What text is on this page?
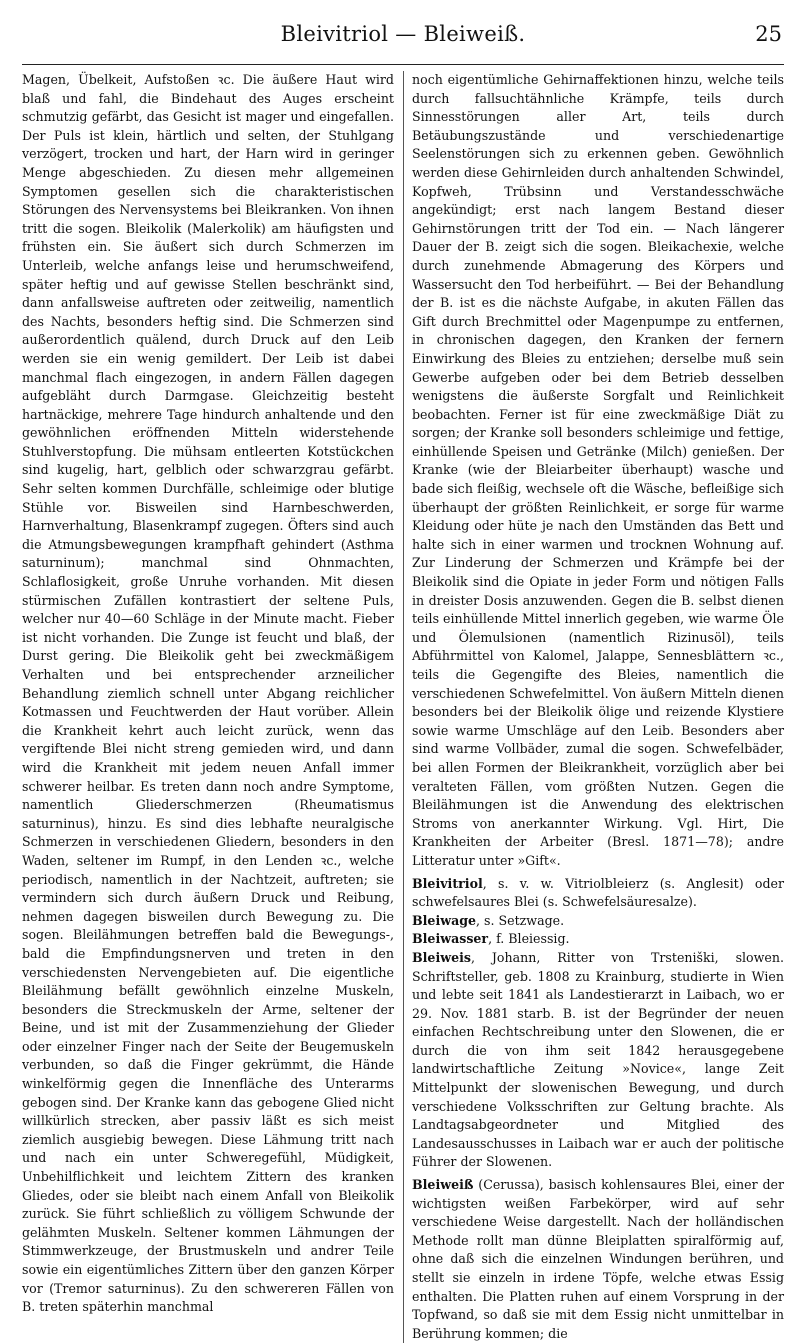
Bleivitriol — Bleiweiß.	25

Magen, Übelkeit, Aufstoßen ꝛc. Die äußere Haut wird blaß und fahl, die Bindehaut des Auges erscheint schmutzig gefärbt, das Gesicht ist mager und eingefallen. Der Puls ist klein, härtlich und selten, der Stuhlgang verzögert, trocken und hart, der Harn wird in geringer Menge abgeschieden. Zu diesen mehr allgemeinen Symptomen gesellen sich die charakteristischen Störungen des Nervensystems bei Bleikranken. Von ihnen tritt die sogen. Bleikolik (Malerkolik) am häufigsten und frühsten ein. Sie äußert sich durch Schmerzen im Unterleib, welche anfangs leise und herumschweifend, später heftig und auf gewisse Stellen beschränkt sind, dann anfallsweise auftreten oder zeitweilig, namentlich des Nachts, besonders heftig sind. Die Schmerzen sind außerordentlich quälend, durch Druck auf den Leib werden sie ein wenig gemildert. Der Leib ist dabei manchmal flach eingezogen, in andern Fällen dagegen aufgebläht durch Darmgase. Gleichzeitig besteht hartnäckige, mehrere Tage hindurch anhaltende und den gewöhnlichen eröffnenden Mitteln widerstehende Stuhlverstopfung. Die mühsam entleerten Kotstückchen sind kugelig, hart, gelblich oder schwarzgrau gefärbt. Sehr selten kommen Durchfälle, schleimige oder blutige Stühle vor. Bisweilen sind Harnbeschwerden, Harnverhaltung, Blasenkrampf zugegen. Öfters sind auch die Atmungsbewegungen krampfhaft gehindert (Asthma saturninum); manchmal sind Ohnmachten, Schlaflosigkeit, große Unruhe vorhanden. Mit diesen stürmischen Zufällen kontrastiert der seltene Puls, welcher nur 40—60 Schläge in der Minute macht. Fieber ist nicht vorhanden. Die Zunge ist feucht und blaß, der Durst gering. Die Bleikolik geht bei zweckmäßigem Verhalten und bei entsprechender arzneilicher Behandlung ziemlich schnell unter Abgang reichlicher Kotmassen und Feuchtwerden der Haut vorüber. Allein die Krankheit kehrt auch leicht zurück, wenn das vergiftende Blei nicht streng gemieden wird, und dann wird die Krankheit mit jedem neuen Anfall immer schwerer heilbar. Es treten dann noch andre Symptome, namentlich Gliederschmerzen (Rheumatismus saturninus), hinzu. Es sind dies lebhafte neuralgische Schmerzen in verschiedenen Gliedern, besonders in den Waden, seltener im Rumpf, in den Lenden ꝛc., welche periodisch, namentlich in der Nachtzeit, auftreten; sie vermindern sich durch äußern Druck und Reibung, nehmen dagegen bisweilen durch Bewegung zu. Die sogen. Bleilähmungen betreffen bald die Bewegungs-, bald die Empfindungsnerven und treten in den verschiedensten Nervengebieten auf. Die eigentliche Bleilähmung befällt gewöhnlich einzelne Muskeln, besonders die Streckmuskeln der Arme, seltener der Beine, und ist mit der Zusammenziehung der Glieder oder einzelner Finger nach der Seite der Beugemuskeln verbunden, so daß die Finger gekrümmt, die Hände winkelförmig gegen die Innenfläche des Unterarms gebogen sind. Der Kranke kann das gebogene Glied nicht willkürlich strecken, aber passiv läßt es sich meist ziemlich ausgiebig bewegen. Diese Lähmung tritt nach und nach ein unter Schweregefühl, Müdigkeit, Unbehilflichkeit und leichtem Zittern des kranken Gliedes, oder sie bleibt nach einem Anfall von Bleikolik zurück. Sie führt schließlich zu völligem Schwunde der gelähmten Muskeln. Seltener kommen Lähmungen der Stimmwerkzeuge, der Brustmuskeln und andrer Teile sowie ein eigentümliches Zittern über den ganzen Körper vor (Tremor saturninus). Zu den schwereren Fällen von B. treten späterhin manchmal

noch eigentümliche Gehirnaffektionen hinzu, welche teils durch fallsuchtähnliche Krämpfe, teils durch Sinnesstörungen aller Art, teils durch Betäubungszustände und verschiedenartige Seelenstörungen sich zu erkennen geben. Gewöhnlich werden diese Gehirnleiden durch anhaltenden Schwindel, Kopfweh, Trübsinn und Verstandesschwäche angekündigt; erst nach langem Bestand dieser Gehirnstörungen tritt der Tod ein. — Nach längerer Dauer der B. zeigt sich die sogen. Bleikachexie, welche durch zunehmende Abmagerung des Körpers und Wassersucht den Tod herbeiführt. — Bei der Behandlung der B. ist es die nächste Aufgabe, in akuten Fällen das Gift durch Brechmittel oder Magenpumpe zu entfernen, in chronischen dagegen, den Kranken der fernern Einwirkung des Bleies zu entziehen; derselbe muß sein Gewerbe aufgeben oder bei dem Betrieb desselben wenigstens die äußerste Sorgfalt und Reinlichkeit beobachten. Ferner ist für eine zweckmäßige Diät zu sorgen; der Kranke soll besonders schleimige und fettige, einhüllende Speisen und Getränke (Milch) genießen. Der Kranke (wie der Bleiarbeiter überhaupt) wasche und bade sich fleißig, wechsele oft die Wäsche, befleißige sich überhaupt der größten Reinlichkeit, er sorge für warme Kleidung oder hüte je nach den Umständen das Bett und halte sich in einer warmen und trocknen Wohnung auf. Zur Linderung der Schmerzen und Krämpfe bei der Bleikolik sind die Opiate in jeder Form und nötigen Falls in dreister Dosis anzuwenden. Gegen die B. selbst dienen teils einhüllende Mittel innerlich gegeben, wie warme Öle und Ölemulsionen (namentlich Rizinusöl), teils Abführmittel von Kalomel, Jalappe, Sennesblättern ꝛc., teils die Gegengifte des Bleies, namentlich die verschiedenen Schwefelmittel. Von äußern Mitteln dienen besonders bei der Bleikolik ölige und reizende Klystiere sowie warme Umschläge auf den Leib. Besonders aber sind warme Vollbäder, zumal die sogen. Schwefelbäder, bei allen Formen der Bleikrankheit, vorzüglich aber bei veralteten Fällen, vom größten Nutzen. Gegen die Bleilähmungen ist die Anwendung des elektrischen Stroms von anerkannter Wirkung. Vgl. Hirt, Die Krankheiten der Arbeiter (Bresl. 1871—78); andre Litteratur unter »Gift«.

Bleivitriol, s. v. w. Vitriolbleierz (s. Anglesit) oder schwefelsaures Blei (s. Schwefelsäuresalze).

Bleiwage, s. Setzwage.

Bleiwasser, f. Bleiessig.

Bleiweis, Johann, Ritter von Trsteniški, slowen. Schriftsteller, geb. 1808 zu Krainburg, studierte in Wien und lebte seit 1841 als Landestierarzt in Laibach, wo er 29. Nov. 1881 starb. B. ist der Begründer der neuen einfachen Rechtschreibung unter den Slowenen, die er durch die von ihm seit 1842 herausgegebene landwirtschaftliche Zeitung »Novice«, lange Zeit Mittelpunkt der slowenischen Bewegung, und durch verschiedene Volksschriften zur Geltung brachte. Als Landtagsabgeordneter und Mitglied des Landesausschusses in Laibach war er auch der politische Führer der Slowenen.

Bleiweiß (Cerussa), basisch kohlensaures Blei, einer der wichtigsten weißen Farbekörper, wird auf sehr verschiedene Weise dargestellt. Nach der holländischen Methode rollt man dünne Bleiplatten spiralförmig auf, ohne daß sich die einzelnen Windungen berühren, und stellt sie einzeln in irdene Töpfe, welche etwas Essig enthalten. Die Platten ruhen auf einem Vorsprung in der Topfwand, so daß sie mit dem Essig nicht unmittelbar in Berührung kommen; die
